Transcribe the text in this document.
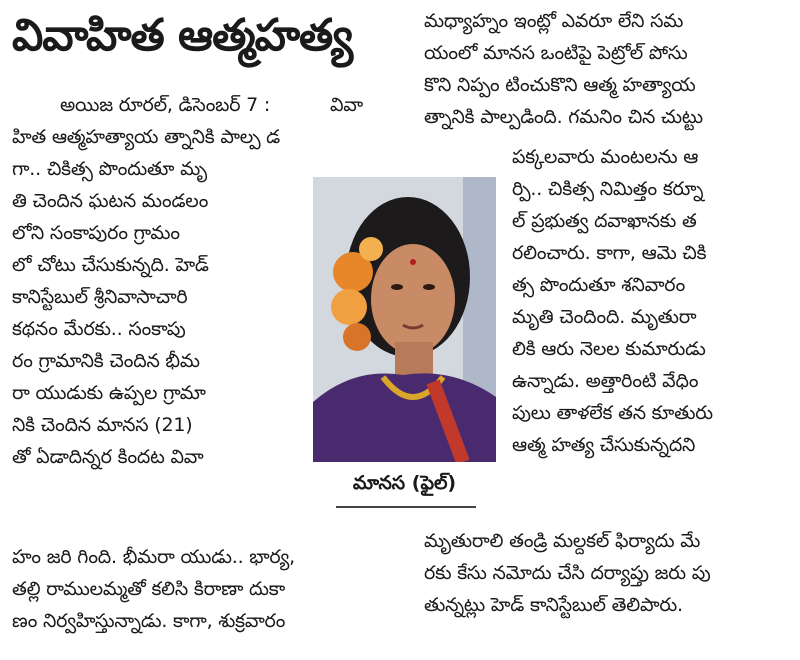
వివాహిత ఆత్మహత్య
అయిజ రూరల్, డిసెంబర్ 7 :	వివా
హిత ఆత్మహత్యాయ త్నానికి పాల్ప డ
గా.. చికిత్స పొందుతూ మృ
తి చెందిన ఘటన మండలం
లోని సంకాపురం గ్రామం
లో చోటు చేసుకున్నది. హెడ్
కానిస్టేబుల్ శ్రీనివాసాచారి
కథనం మేరకు.. సంకాపు
రం గ్రామానికి చెందిన భీమ
రా యుడుకు ఉప్పల గ్రామా
నికి చెందిన మానస (21)
తో ఏడాదిన్నర కిందట వివా
హం జరి గింది. భీమరా యుడు.. భార్య,
తల్లి రాములమ్మతో కలిసి కిరాణా దుకా
ణం నిర్వహిస్తున్నాడు. కాగా, శుక్రవారం
మానస (ఫైల్)
మధ్యాహ్నం ఇంట్లో ఎవరూ లేని సమ
యంలో మానస ఒంటిపై పెట్రోల్ పోసు
కొని నిప్పం టించుకొని ఆత్మ హత్యాయ
త్నానికి పాల్పడింది. గమనిం చిన చుట్టు
పక్కలవారు మంటలను ఆ
ర్పి.. చికిత్స నిమిత్తం కర్నూ
ల్ ప్రభుత్వ దవాఖానకు త
రలించారు. కాగా, ఆమె చికి
త్స పొందుతూ శనివారం
మృతి చెందింది. మృతురా
లికి ఆరు నెలల కుమారుడు
ఉన్నాడు. అత్తారింటి వేధిం
పులు తాళలేక తన కూతురు
ఆత్మ హత్య చేసుకున్నదని
మృతురాలి తండ్రి మల్దకల్ ఫిర్యాదు మే
రకు కేసు నమోదు చేసి దర్యాప్తు జరు పు
తున్నట్లు హెడ్ కానిస్టేబుల్ తెలిపారు.
